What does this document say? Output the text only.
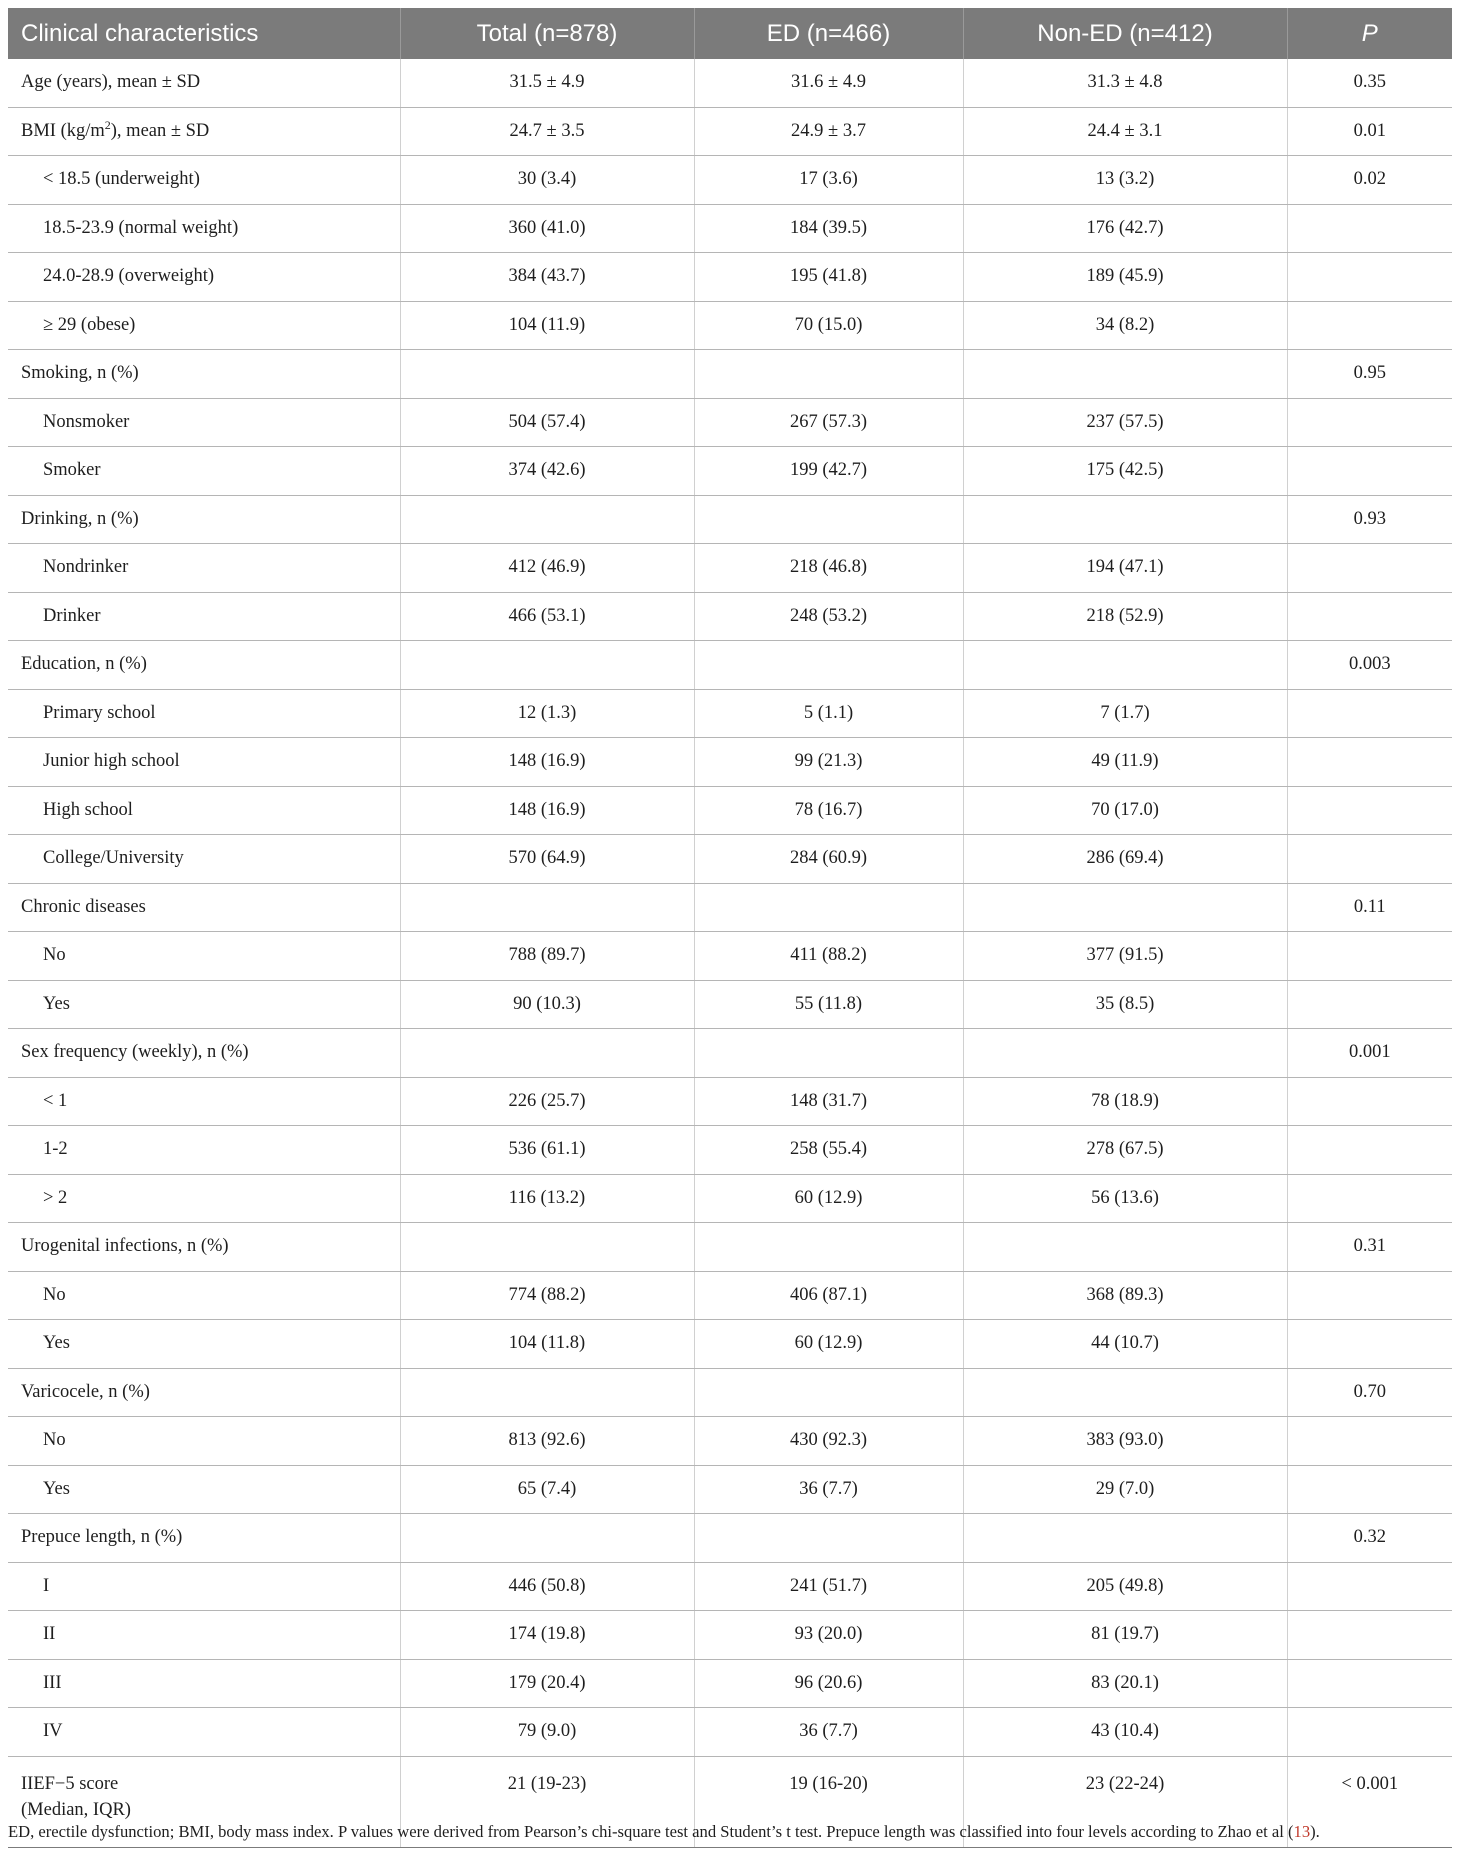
Clinical characteristics	Total (n=878)	ED (n=466)	Non-ED (n=412)	P
Age (years), mean ± SD	31.5 ± 4.9	31.6 ± 4.9	31.3 ± 4.8	0.35
BMI $(kg/m^2)$, mean ± SD	24.7 ± 3.5	24.9 ± 3.7	24.4 ± 3.1	0.01
< 18.5 (underweight)	30 (3.4)	17 (3.6)	13 (3.2)	0.02
18.5-23.9 (normal weight)	360 (41.0)	184 (39.5)	176 (42.7)	
24.0-28.9 (overweight)	384 (43.7)	195 (41.8)	189 (45.9)	
≥ 29 (obese)	104 (11.9)	70 (15.0)	34 (8.2)	
Smoking, n (%)				0.95
Nonsmoker	504 (57.4)	267 (57.3)	237 (57.5)	
Smoker	374 (42.6)	199 (42.7)	175 (42.5)	
Drinking, n (%)				0.93
Nondrinker	412 (46.9)	218 (46.8)	194 (47.1)	
Drinker	466 (53.1)	248 (53.2)	218 (52.9)	
Education, n (%)				0.003
Primary school	12 (1.3)	5 (1.1)	7 (1.7)	
Junior high school	148 (16.9)	99 (21.3)	49 (11.9)	
High school	148 (16.9)	78 (16.7)	70 (17.0)	
College/University	570 (64.9)	284 (60.9)	286 (69.4)	
Chronic diseases				0.11
No	788 (89.7)	411 (88.2)	377 (91.5)	
Yes	90 (10.3)	55 (11.8)	35 (8.5)	
Sex frequency (weekly), n (%)				0.001
< 1	226 (25.7)	148 (31.7)	78 (18.9)	
1-2	536 (61.1)	258 (55.4)	278 (67.5)	
> 2	116 (13.2)	60 (12.9)	56 (13.6)	
Urogenital infections, n (%)				0.31
No	774 (88.2)	406 (87.1)	368 (89.3)	
Yes	104 (11.8)	60 (12.9)	44 (10.7)	
Varicocele, n (%)				0.70
No	813 (92.6)	430 (92.3)	383 (93.0)	
Yes	65 (7.4)	36 (7.7)	29 (7.0)	
Prepuce length, n (%)				0.32
I	446 (50.8)	241 (51.7)	205 (49.8)	
II	174 (19.8)	93 (20.0)	81 (19.7)	
III	179 (20.4)	96 (20.6)	83 (20.1)	
IV	79 (9.0)	36 (7.7)	43 (10.4)	
IIEF−5 score
(Median, IQR)	21 (19-23)	19 (16-20)	23 (22-24)	< 0.001
ED, erectile dysfunction; BMI, body mass index. P values were derived from Pearson’s chi-square test and Student’s t test. Prepuce length was classified into four levels according to Zhao et al (13).
